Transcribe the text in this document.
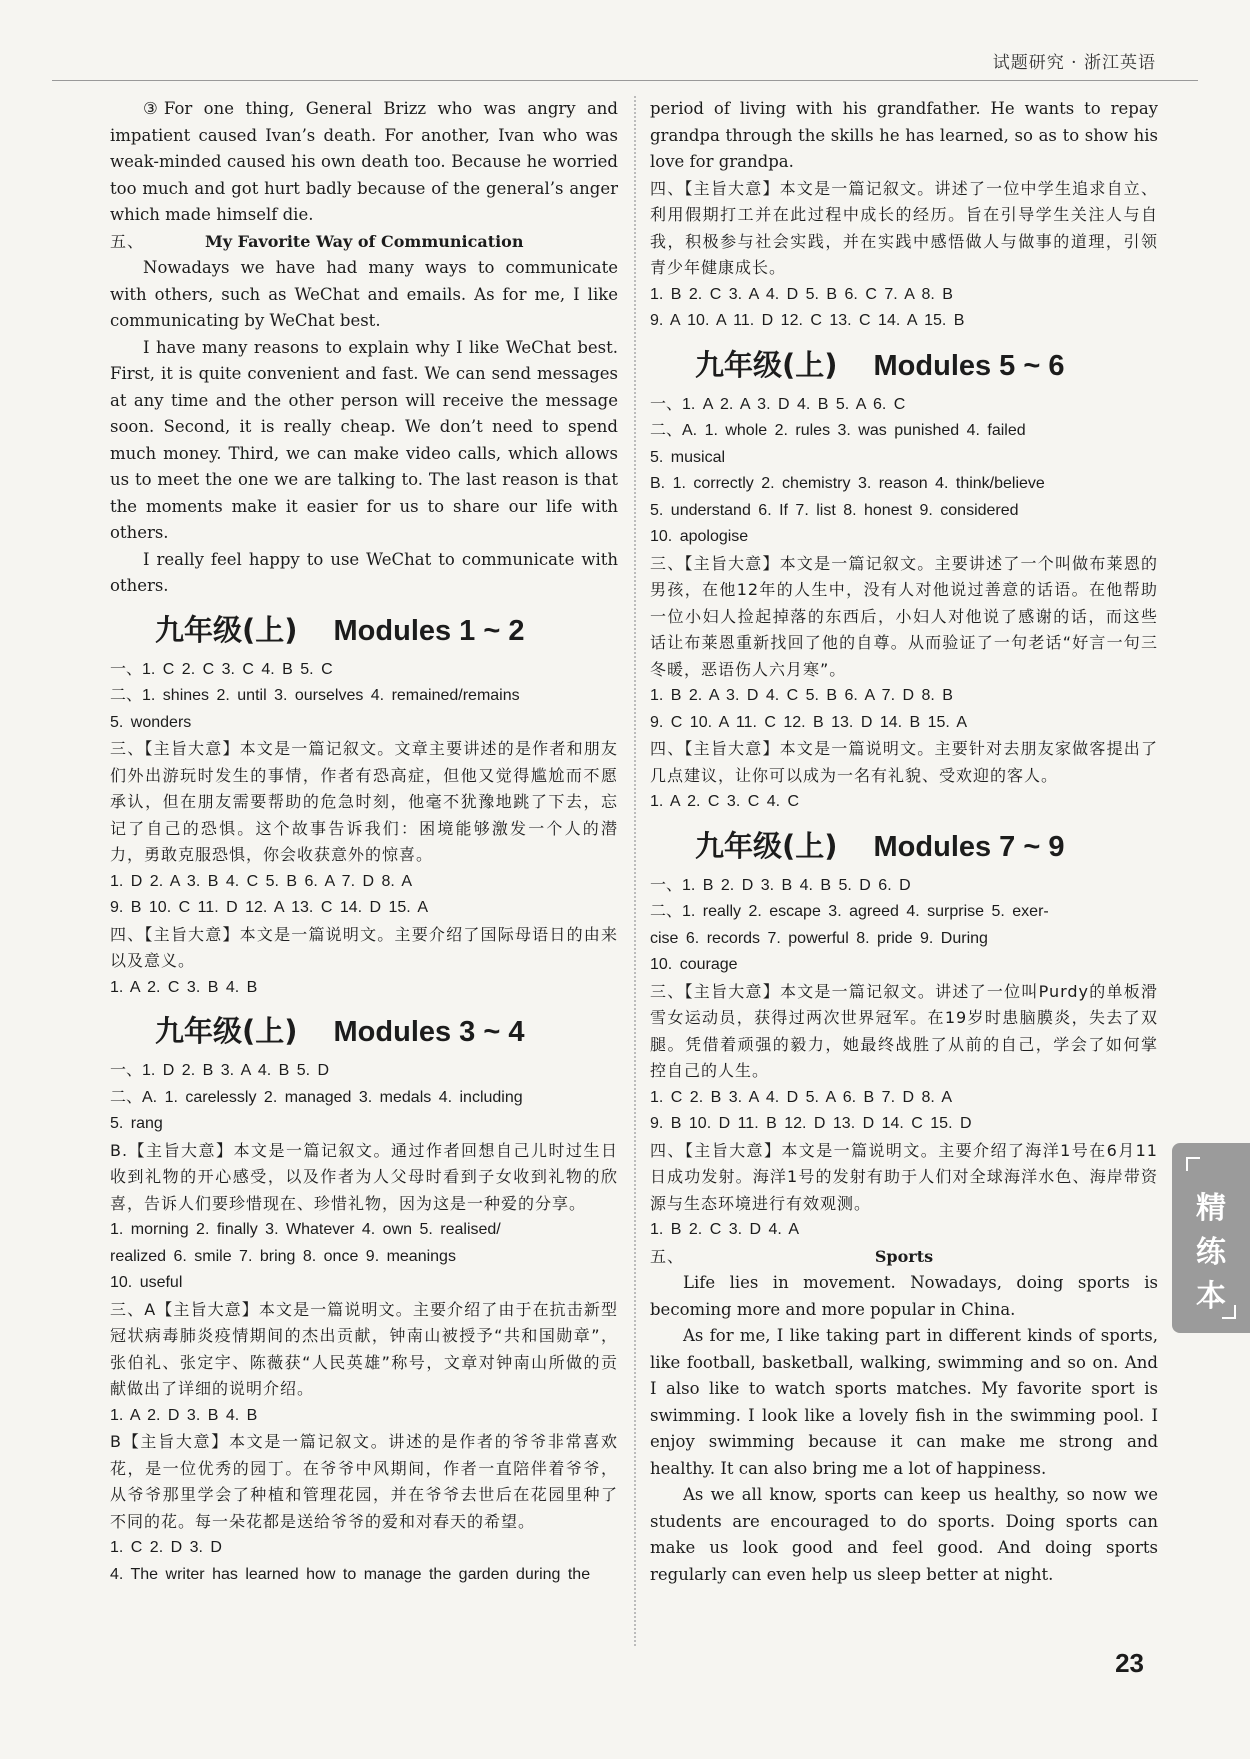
试题研究 · 浙江英语

③For one thing, General Brizz who was angry and impatient caused Ivan’s death. For another, Ivan who was weak-minded caused his own death too. Because he worried too much and got hurt badly because of the general’s anger which made himself die.

五、	My Favorite Way of Communication

Nowadays we have had many ways to communicate with others, such as WeChat and emails. As for me, I like communicating by WeChat best.

I have many reasons to explain why I like WeChat best. First, it is quite convenient and fast. We can send messages at any time and the other person will receive the message soon. Second, it is really cheap. We don’t need to spend much money. Third, we can make video calls, which allows us to meet the one we are talking to. The last reason is that the moments make it easier for us to share our life with others.

I really feel happy to use WeChat to communicate with others.

九年级(上) Modules 1 ~ 2

一、1. C 2. C 3. C 4. B 5. C

二、1. shines 2. until 3. ourselves 4. remained/remains

5. wonders

三、【主旨大意】本文是一篇记叙文。文章主要讲述的是作者和朋友们外出游玩时发生的事情，作者有恐高症，但他又觉得尴尬而不愿承认，但在朋友需要帮助的危急时刻，他毫不犹豫地跳了下去，忘记了自己的恐惧。这个故事告诉我们：困境能够激发一个人的潜力，勇敢克服恐惧，你会收获意外的惊喜。

1. D 2. A 3. B 4. C 5. B 6. A 7. D 8. A

9. B 10. C 11. D 12. A 13. C 14. D 15. A

四、【主旨大意】本文是一篇说明文。主要介绍了国际母语日的由来以及意义。

1. A 2. C 3. B 4. B

九年级(上) Modules 3 ~ 4

一、1. D 2. B 3. A 4. B 5. D

二、A. 1. carelessly 2. managed 3. medals 4. including

5. rang

B.【主旨大意】本文是一篇记叙文。通过作者回想自己儿时过生日收到礼物的开心感受，以及作者为人父母时看到子女收到礼物的欣喜，告诉人们要珍惜现在、珍惜礼物，因为这是一种爱的分享。

1. morning 2. finally 3. Whatever 4. own 5. realised/

realized 6. smile 7. bring 8. once 9. meanings

10. useful

三、A【主旨大意】本文是一篇说明文。主要介绍了由于在抗击新型冠状病毒肺炎疫情期间的杰出贡献，钟南山被授予“共和国勋章”，张伯礼、张定宇、陈薇获“人民英雄”称号，文章对钟南山所做的贡献做出了详细的说明介绍。

1. A 2. D 3. B 4. B

B【主旨大意】本文是一篇记叙文。讲述的是作者的爷爷非常喜欢花，是一位优秀的园丁。在爷爷中风期间，作者一直陪伴着爷爷，从爷爷那里学会了种植和管理花园，并在爷爷去世后在花园里种了不同的花。每一朵花都是送给爷爷的爱和对春天的希望。

1. C 2. D 3. D

4. The writer has learned how to manage the garden during the

period of living with his grandfather. He wants to repay grandpa through the skills he has learned, so as to show his love for grandpa.

四、【主旨大意】本文是一篇记叙文。讲述了一位中学生追求自立、利用假期打工并在此过程中成长的经历。旨在引导学生关注人与自我，积极参与社会实践，并在实践中感悟做人与做事的道理，引领青少年健康成长。

1. B 2. C 3. A 4. D 5. B 6. C 7. A 8. B

9. A 10. A 11. D 12. C 13. C 14. A 15. B

九年级(上) Modules 5 ~ 6

一、1. A 2. A 3. D 4. B 5. A 6. C

二、A. 1. whole 2. rules 3. was punished 4. failed

5. musical

B. 1. correctly 2. chemistry 3. reason 4. think/believe

5. understand 6. If 7. list 8. honest 9. considered

10. apologise

三、【主旨大意】本文是一篇记叙文。主要讲述了一个叫做布莱恩的男孩，在他12年的人生中，没有人对他说过善意的话语。在他帮助一位小妇人捡起掉落的东西后，小妇人对他说了感谢的话，而这些话让布莱恩重新找回了他的自尊。从而验证了一句老话“好言一句三冬暖，恶语伤人六月寒”。

1. B 2. A 3. D 4. C 5. B 6. A 7. D 8. B

9. C 10. A 11. C 12. B 13. D 14. B 15. A

四、【主旨大意】本文是一篇说明文。主要针对去朋友家做客提出了几点建议，让你可以成为一名有礼貌、受欢迎的客人。

1. A 2. C 3. C 4. C

九年级(上) Modules 7 ~ 9

一、1. B 2. D 3. B 4. B 5. D 6. D

二、1. really 2. escape 3. agreed 4. surprise 5. exer-

cise 6. records 7. powerful 8. pride 9. During

10. courage

三、【主旨大意】本文是一篇记叙文。讲述了一位叫Purdy的单板滑雪女运动员，获得过两次世界冠军。在19岁时患脑膜炎，失去了双腿。凭借着顽强的毅力，她最终战胜了从前的自己，学会了如何掌控自己的人生。

1. C 2. B 3. A 4. D 5. A 6. B 7. D 8. A

9. B 10. D 11. B 12. D 13. D 14. C 15. D

四、【主旨大意】本文是一篇说明文。主要介绍了海洋1号在6月11日成功发射。海洋1号的发射有助于人们对全球海洋水色、海岸带资源与生态环境进行有效观测。

1. B 2. C 3. D 4. A

五、	Sports

Life lies in movement. Nowadays, doing sports is becoming more and more popular in China.

As for me, I like taking part in different kinds of sports, like football, basketball, walking, swimming and so on. And I also like to watch sports matches. My favorite sport is swimming. I look like a lovely fish in the swimming pool. I enjoy swimming because it can make me strong and healthy. It can also bring me a lot of happiness.

As we all know, sports can keep us healthy, so now we students are encouraged to do sports. Doing sports can make us look good and feel good. And doing sports regularly can even help us sleep better at night.

精
练
本
23
